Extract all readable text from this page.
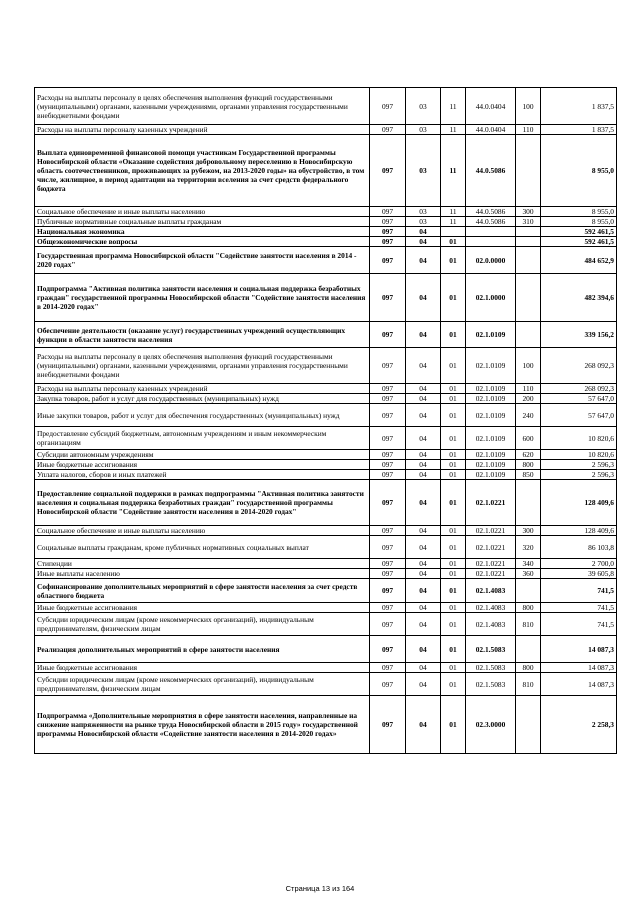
Расходы на выплаты персоналу в целях обеспечения выполнения функций государственными (муниципальными) органами, казенными учреждениями, органами управления государственными внебюджетными фондами	097	03	11	44.0.0404	100	1 837,5
Расходы на выплаты персоналу казенных учреждений	097	03	11	44.0.0404	110	1 837,5
Выплата единовременной финансовой помощи участникам Государственной программы Новосибирской области «Оказание содействия добровольному переселению в Новосибирскую область соотечественников, проживающих за рубежом, на 2013-2020 годы» на обустройство, в том числе, жилищное, в период адаптации на территории вселения за счет средств федерального бюджета	097	03	11	44.0.5086		8 955,0
Социальное обеспечение и иные выплаты населению	097	03	11	44.0.5086	300	8 955,0
Публичные нормативные социальные выплаты гражданам	097	03	11	44.0.5086	310	8 955,0
Национальная экономика	097	04				592 461,5
Общеэкономические вопросы	097	04	01			592 461,5
Государственная программа Новосибирской области "Содействие занятости населения в 2014 - 2020 годах"	097	04	01	02.0.0000		484 652,9
Подпрограмма "Активная политика занятости населения и социальная поддержка безработных граждан" государственной программы Новосибирской области "Содействие занятости населения в 2014-2020 годах"	097	04	01	02.1.0000		482 394,6
Обеспечение деятельности (оказание услуг) государственных учреждений осуществляющих функции в области занятости населения	097	04	01	02.1.0109		339 156,2
Расходы на выплаты персоналу в целях обеспечения выполнения функций государственными (муниципальными) органами, казенными учреждениями, органами управления государственными внебюджетными фондами	097	04	01	02.1.0109	100	268 092,3
Расходы на выплаты персоналу казенных учреждений	097	04	01	02.1.0109	110	268 092,3
Закупка товаров, работ и услуг для государственных (муниципальных) нужд	097	04	01	02.1.0109	200	57 647,0
Иные закупки товаров, работ и услуг для обеспечения государственных (муниципальных) нужд	097	04	01	02.1.0109	240	57 647,0
Предоставление субсидий бюджетным, автономным учреждениям и иным некоммерческим организациям	097	04	01	02.1.0109	600	10 820,6
Субсидии автономным учреждениям	097	04	01	02.1.0109	620	10 820,6
Иные бюджетные ассигнования	097	04	01	02.1.0109	800	2 596,3
Уплата налогов, сборов и иных платежей	097	04	01	02.1.0109	850	2 596,3
Предоставление социальной поддержки в рамках подпрограммы "Активная политика занятости населения и социальная поддержка безработных граждан" государственной программы Новосибирской области "Содействие занятости населения в 2014-2020 годах"	097	04	01	02.1.0221		128 409,6
Социальное обеспечение и иные выплаты населению	097	04	01	02.1.0221	300	128 409,6
Социальные выплаты гражданам, кроме публичных нормативных социальных выплат	097	04	01	02.1.0221	320	86 103,8
Стипендии	097	04	01	02.1.0221	340	2 700,0
Иные выплаты населению	097	04	01	02.1.0221	360	39 605,8
Софинансирование дополнительных мероприятий в сфере занятости населения за счет средств областного бюджета	097	04	01	02.1.4083		741,5
Иные бюджетные ассигнования	097	04	01	02.1.4083	800	741,5
Субсидии юридическим лицам (кроме некоммерческих организаций), индивидуальным предпринимателям, физическим лицам	097	04	01	02.1.4083	810	741,5
Реализация дополнительных мероприятий в сфере занятости населения	097	04	01	02.1.5083		14 087,3
Иные бюджетные ассигнования	097	04	01	02.1.5083	800	14 087,3
Субсидии юридическим лицам (кроме некоммерческих организаций), индивидуальным предпринимателям, физическим лицам	097	04	01	02.1.5083	810	14 087,3
Подпрограмма «Дополнительные мероприятия в сфере занятости населения, направленные на снижение напряженности на рынке труда Новосибирской области в 2015 году» государственной программы Новосибирской области «Содействие занятости населения в 2014-2020 годах»	097	04	01	02.3.0000		2 258,3
Страница 13 из 164
